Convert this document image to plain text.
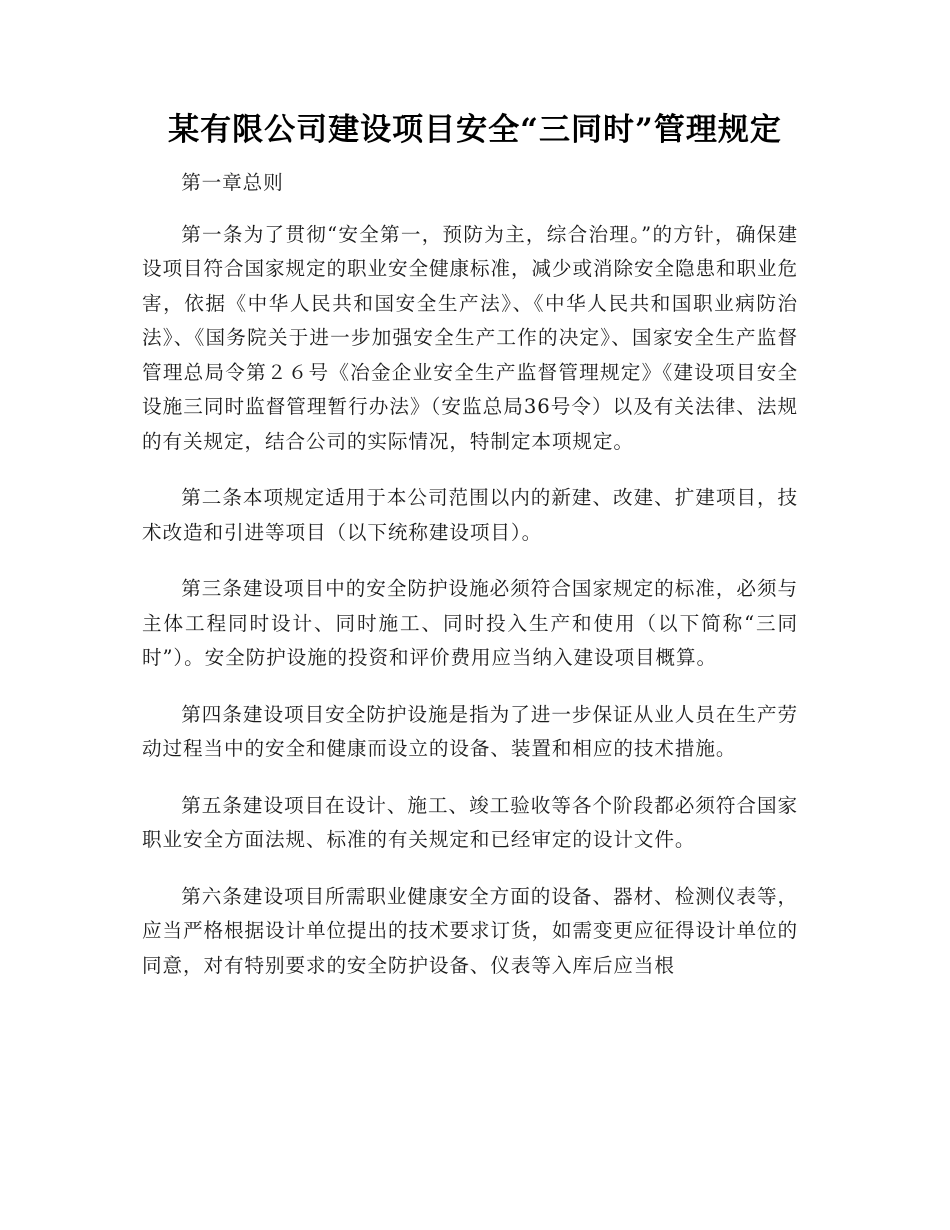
某有限公司建设项目安全“三同时”管理规定

第一章总则

第一条为了贯彻“安全第一，预防为主，综合治理。”的方针，确保建设项目符合国家规定的职业安全健康标准，减少或消除安全隐患和职业危害，依据《中华人民共和国安全生产法》、《中华人民共和国职业病防治法》、《国务院关于进一步加强安全生产工作的决定》、国家安全生产监督管理总局令第２６号《冶金企业安全生产监督管理规定》《建设项目安全设施三同时监督管理暂行办法》（安监总局36号令）以及有关法律、法规的有关规定，结合公司的实际情况，特制定本项规定。

第二条本项规定适用于本公司范围以内的新建、改建、扩建项目，技术改造和引进等项目（以下统称建设项目）。

第三条建设项目中的安全防护设施必须符合国家规定的标准，必须与主体工程同时设计、同时施工、同时投入生产和使用（以下简称“三同时”）。安全防护设施的投资和评价费用应当纳入建设项目概算。

第四条建设项目安全防护设施是指为了进一步保证从业人员在生产劳动过程当中的安全和健康而设立的设备、装置和相应的技术措施。

第五条建设项目在设计、施工、竣工验收等各个阶段都必须符合国家职业安全方面法规、标准的有关规定和已经审定的设计文件。

第六条建设项目所需职业健康安全方面的设备、器材、检测仪表等，应当严格根据设计单位提出的技术要求订货，如需变更应征得设计单位的同意，对有特别要求的安全防护设备、仪表等入库后应当根
